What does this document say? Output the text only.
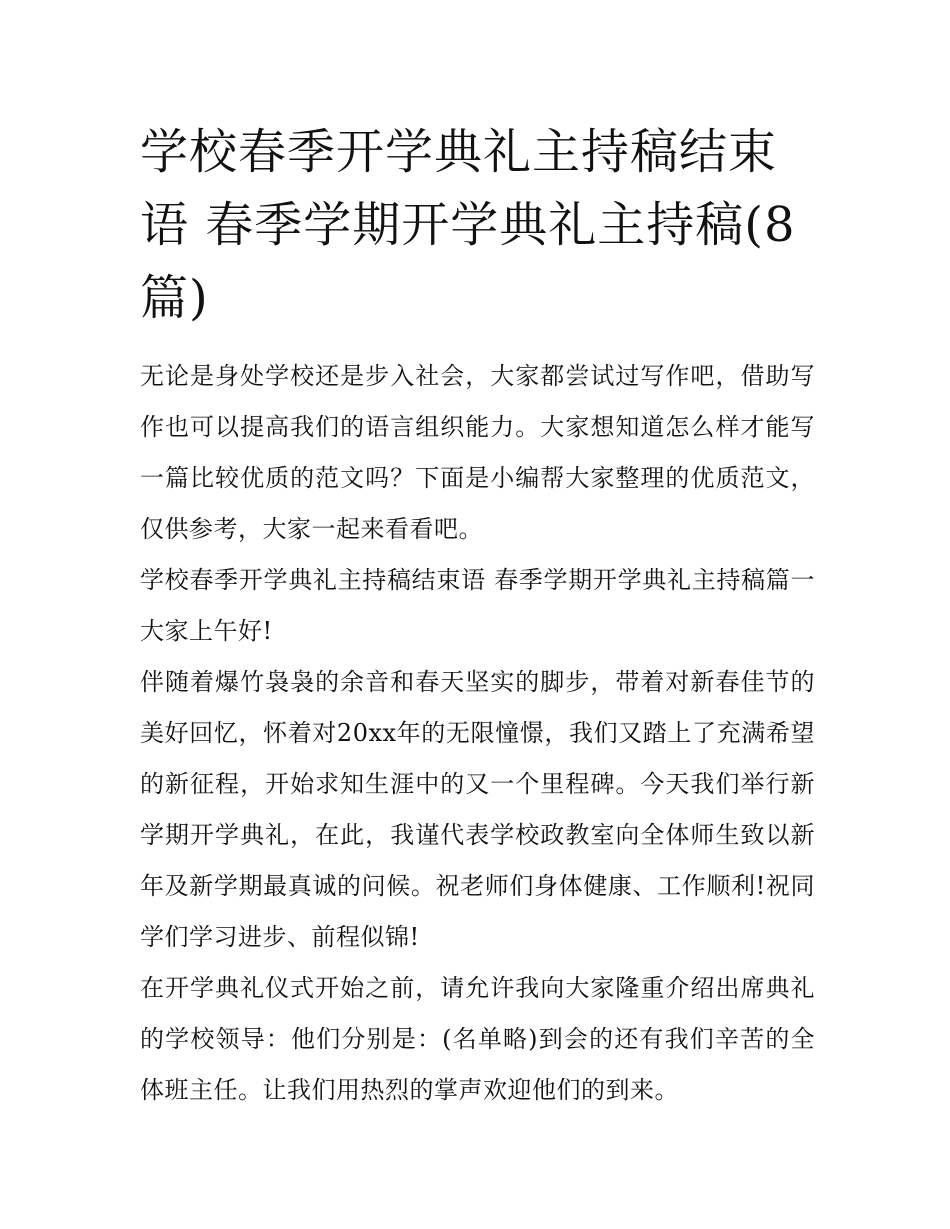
学校春季开学典礼主持稿结束语 春季学期开学典礼主持稿(8篇)

无论是身处学校还是步入社会，大家都尝试过写作吧，借助写作也可以提高我们的语言组织能力。大家想知道怎么样才能写一篇比较优质的范文吗？下面是小编帮大家整理的优质范文，仅供参考，大家一起来看看吧。

学校春季开学典礼主持稿结束语 春季学期开学典礼主持稿篇一 大家上午好!

伴随着爆竹袅袅的余音和春天坚实的脚步，带着对新春佳节的美好回忆，怀着对20xx年的无限憧憬，我们又踏上了充满希望的新征程，开始求知生涯中的又一个里程碑。今天我们举行新学期开学典礼，在此，我谨代表学校政教室向全体师生致以新年及新学期最真诚的问候。祝老师们身体健康、工作顺利!祝同学们学习进步、前程似锦!

在开学典礼仪式开始之前，请允许我向大家隆重介绍出席典礼的学校领导：他们分别是：(名单略)到会的还有我们辛苦的全体班主任。让我们用热烈的掌声欢迎他们的到来。
